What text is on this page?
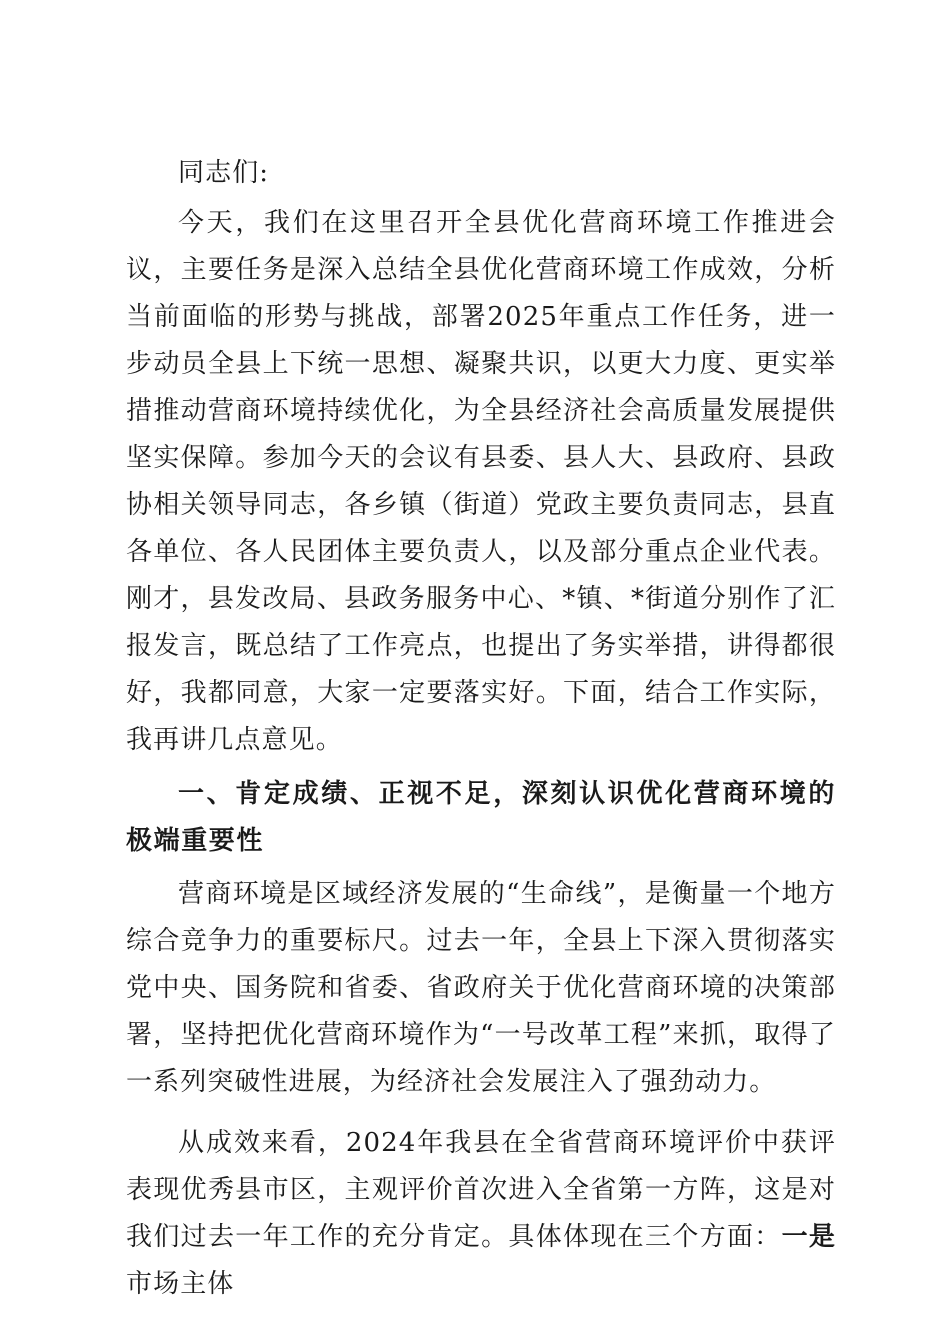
同志们:

今天，我们在这里召开全县优化营商环境工作推进会议，主要任务是深入总结全县优化营商环境工作成效，分析当前面临的形势与挑战，部署2025年重点工作任务，进一步动员全县上下统一思想、凝聚共识，以更大力度、更实举措推动营商环境持续优化，为全县经济社会高质量发展提供坚实保障。参加今天的会议有县委、县人大、县政府、县政协相关领导同志，各乡镇（街道）党政主要负责同志，县直各单位、各人民团体主要负责人，以及部分重点企业代表。刚才，县发改局、县政务服务中心、*镇、*街道分别作了汇报发言，既总结了工作亮点，也提出了务实举措，讲得都很好，我都同意，大家一定要落实好。下面，结合工作实际，我再讲几点意见。

一、肯定成绩、正视不足，深刻认识优化营商环境的极端重要性

营商环境是区域经济发展的“生命线”，是衡量一个地方综合竞争力的重要标尺。过去一年，全县上下深入贯彻落实党中央、国务院和省委、省政府关于优化营商环境的决策部署，坚持把优化营商环境作为“一号改革工程”来抓，取得了一系列突破性进展，为经济社会发展注入了强劲动力。

从成效来看，2024年我县在全省营商环境评价中获评表现优秀县市区，主观评价首次进入全省第一方阵，这是对我们过去一年工作的充分肯定。具体体现在三个方面：一是市场主体
